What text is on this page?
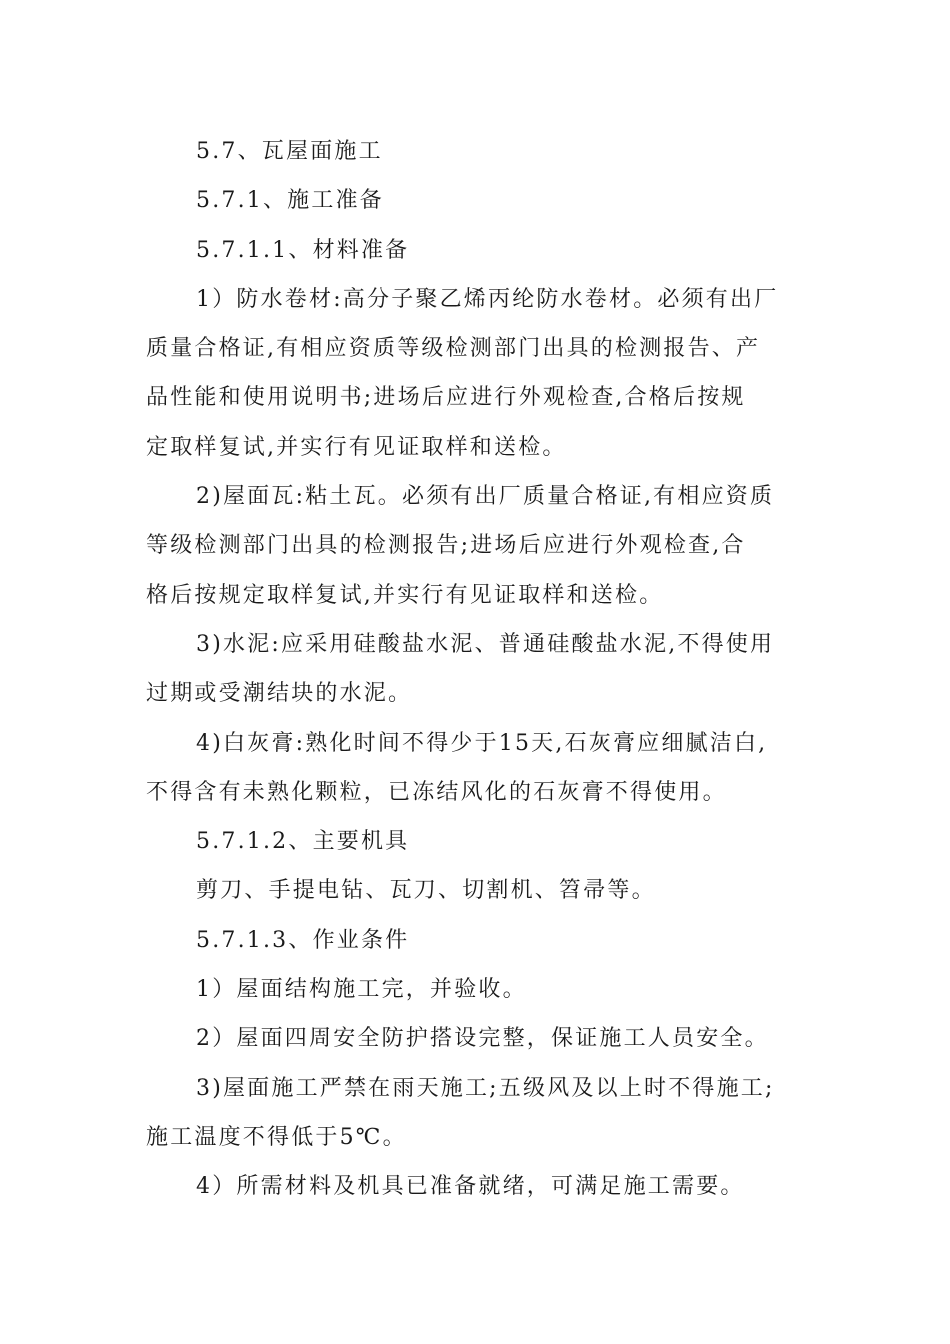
5.7、瓦屋面施工

5.7.1、施工准备

5.7.1.1、材料准备

1）防水卷材:高分子聚乙烯丙纶防水卷材。必须有出厂

质量合格证,有相应资质等级检测部门出具的检测报告、产

品性能和使用说明书;进场后应进行外观检查,合格后按规

定取样复试,并实行有见证取样和送检。

2)屋面瓦:粘土瓦。必须有出厂质量合格证,有相应资质

等级检测部门出具的检测报告;进场后应进行外观检查,合

格后按规定取样复试,并实行有见证取样和送检。

3)水泥:应采用硅酸盐水泥、普通硅酸盐水泥,不得使用

过期或受潮结块的水泥。

4)白灰膏:熟化时间不得少于15天,石灰膏应细腻洁白,

不得含有未熟化颗粒，已冻结风化的石灰膏不得使用。

5.7.1.2、主要机具

剪刀、手提电钻、瓦刀、切割机、笤帚等。

5.7.1.3、作业条件

1）屋面结构施工完，并验收。

2）屋面四周安全防护搭设完整，保证施工人员安全。

3)屋面施工严禁在雨天施工;五级风及以上时不得施工;

施工温度不得低于5℃。

4）所需材料及机具已准备就绪，可满足施工需要。
